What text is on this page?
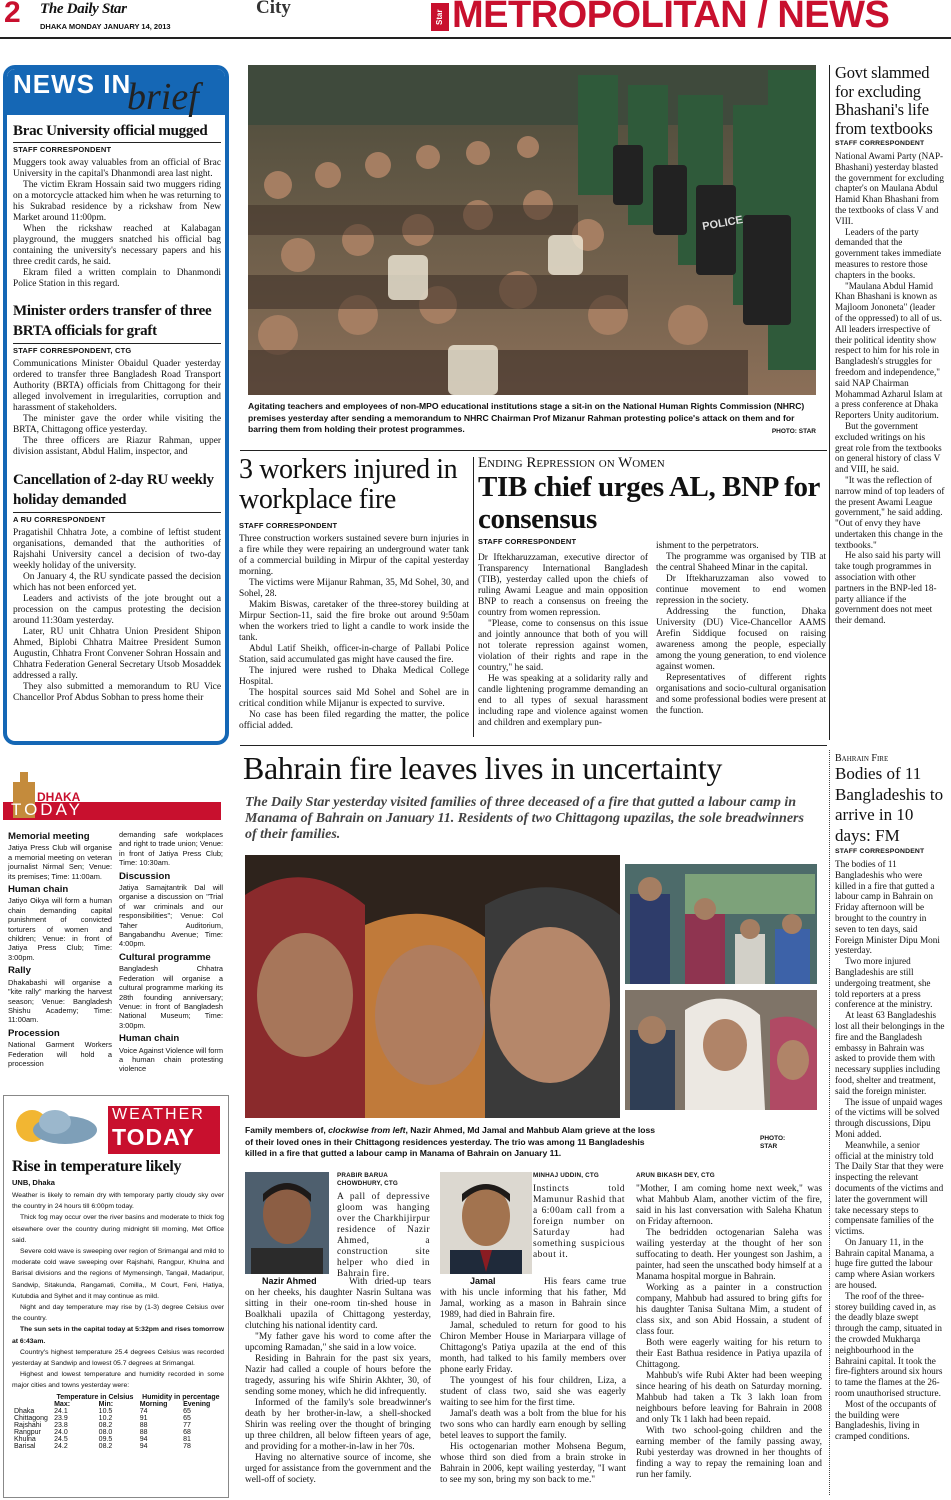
2 The Daily Star
DHAKA MONDAY JANUARY 14, 2013
City	Star METROPOLITAN / NEWS
NEWS IN
brief
Brac University official mugged
STAFF CORRESPONDENT

Muggers took away valuables from an official of Brac University in the capital's Dhanmondi area last night.

The victim Ekram Hossain said two muggers riding on a motorcycle attacked him when he was returning to his Sukrabad residence by a rickshaw from New Market around 11:00pm.

When the rickshaw reached at Kalabagan playground, the muggers snatched his official bag containing the university's necessary papers and his three credit cards, he said.

Ekram filed a written complain to Dhanmondi Police Station in this regard.

Minister orders transfer of three BRTA officials for graft
STAFF CORRESPONDENT, CTG

Communications Minister Obaidul Quader yesterday ordered to transfer three Bangladesh Road Transport Authority (BRTA) officials from Chittagong for their alleged involvement in irregularities, corruption and harassment of stakeholders.

The minister gave the order while visiting the BRTA, Chittagong office yesterday.

The three officers are Riazur Rahman, upper division assistant, Abdul Halim, inspector, and

Cancellation of 2-day RU weekly holiday demanded
A RU CORRESPONDENT

Pragatishil Chhatra Jote, a combine of leftist student organisations, demanded that the authorities of Rajshahi University cancel a decision of two-day weekly holiday of the university.

On January 4, the RU syndicate passed the decision which has not been enforced yet.

Leaders and activists of the jote brought out a procession on the campus protesting the decision around 11:30am yesterday.

Later, RU unit Chhatra Union President Shipon Ahmed, Biplobi Chhatra Maitree President Sumon Augustin, Chhatra Front Convener Sohran Hossain and Chhatra Federation General Secretary Utsob Mosaddek addressed a rally.

They also submitted a memorandum to RU Vice Chancellor Prof Abdus Sobhan to press home their

POLICE
Agitating teachers and employees of non-MPO educational institutions stage a sit-in on the National Human Rights Commission (NHRC) premises yesterday after sending a memorandum to NHRC Chairman Prof Mizanur Rahman protesting police's attack on them and for barring them from holding their protest programmes.	PHOTO: STAR
3 workers injured in workplace fire
STAFF CORRESPONDENT

Three construction workers sustained severe burn injuries in a fire while they were repairing an underground water tank of a commercial building in Mirpur of the capital yesterday morning.

The victims were Mijanur Rahman, 35, Md Sohel, 30, and Sohel, 28.

Makim Biswas, caretaker of the three-storey building at Mirpur Section-11, said the fire broke out around 9:50am when the workers tried to light a candle to work inside the tank.

Abdul Latif Sheikh, officer-in-charge of Pallabi Police Station, said accumulated gas might have caused the fire.

The injured were rushed to Dhaka Medical College Hospital.

The hospital sources said Md Sohel and Sohel are in critical condition while Mijanur is expected to survive.

No case has been filed regarding the matter, the police official added.

Ending Repression on Women
TIB chief urges AL, BNP for consensus
STAFF CORRESPONDENT

Dr Iftekharuzzaman, executive director of Transparency International Bangladesh (TIB), yesterday called upon the chiefs of ruling Awami League and main opposition BNP to reach a consensus on freeing the country from women repression.

"Please, come to consensus on this issue and jointly announce that both of you will not tolerate repression against women, violation of their rights and rape in the country," he said.

He was speaking at a solidarity rally and candle lightening programme demanding an end to all types of sexual harassment including rape and violence against women and children and exemplary pun-

ishment to the perpetrators.

The programme was organised by TIB at the central Shaheed Minar in the capital.

Dr Iftekharuzzaman also vowed to continue movement to end women repression in the society.

Addressing the function, Dhaka University (DU) Vice-Chancellor AAMS Arefin Siddique focused on raising awareness among the people, especially among the young generation, to end violence against women.

Representatives of different rights organisations and socio-cultural organisation and some professional bodies were present at the function.

Govt slammed for excluding Bhashani's life from textbooks
STAFF CORRESPONDENT

National Awami Party (NAP-Bhashani) yesterday blasted the government for excluding chapter's on Maulana Abdul Hamid Khan Bhashani from the textbooks of class V and VIII.

Leaders of the party demanded that the government takes immediate measures to restore those chapters in the books.

"Maulana Abdul Hamid Khan Bhashani is known as Majloom Jononeta" (leader of the oppressed) to all of us. All leaders irrespective of their political identity show respect to him for his role in Bangladesh's struggles for freedom and independence," said NAP Chairman Mohammad Azharul Islam at a press conference at Dhaka Reporters Unity auditorium.

But the government excluded writings on his great role from the textbooks on general history of class V and VIII, he said.

"It was the reflection of narrow mind of top leaders of the present Awami League government," he said adding. "Out of envy they have undertaken this change in the textbooks."

He also said his party will take tough programmes in association with other partners in the BNP-led 18-party alliance if the government does not meet their demand.

DHAKA
TODAY
Memorial meeting

Jatiya Press Club will organise a memorial meeting on veteran journalist Nirmal Sen; Venue: its premises; Time: 11:00am.

Human chain

Jatiyo Oikya will form a human chain demanding capital punishment of convicted torturers of women and children; Venue: in front of Jatiya Press Club; Time: 3:00pm.

Rally

Dhakabashi will organise a "kite rally" marking the harvest season; Venue: Bangladesh Shishu Academy; Time: 11:00am.

Procession

National Garment Workers Federation will hold a procession

demanding safe workplaces and right to trade union; Venue: in front of Jatiya Press Club; Time: 10:30am.

Discussion

Jatiya Samajtantrik Dal will organise a discussion on "Trial of war criminals and our responsibilities"; Venue: Col Taher Auditorium, Bangabandhu Avenue; Time: 4:00pm.

Cultural programme

Bangladesh Chhatra Federation will organise a cultural programme marking its 28th founding anniversary; Venue: in front of Bangladesh National Museum; Time: 3:00pm.

Human chain

Voice Against Violence will form a human chain protesting violence

WEATHER
TODAY
Rise in temperature likely
UNB, Dhaka

Weather is likely to remain dry with temporary partly cloudy sky over the country in 24 hours till 6:00pm today.

Thick fog may occur over the river basins and moderate to thick fog elsewhere over the country during midnight till morning, Met Office said.

Severe cold wave is sweeping over region of Srimangal and mild to moderate cold wave sweeping over Rajshahi, Rangpur, Khulna and Barisal divisions and the regions of Mymensingh, Tangail, Madaripur, Sandwip, Sitakunda, Rangamati, Comilla,, M Court, Feni, Hatiya, Kutubdia and Sylhet and it may continue as mild.

Night and day temperature may rise by (1-3) degree Celsius over the country.

The sun sets in the capital today at 5:32pm and rises tomorrow at 6:43am.

Country's highest temperature 25.4 degrees Celsius was recorded yesterday at Sandwip and lowest 05.7 degrees at Srimangal.

Highest and lowest temperature and humidity recorded in some major cities and towns yesterday were:

	Temperature in Celsius		Humidity in percentage	
	Max:	Min:	Morning	Evening
Dhaka	24.1	10.5	74	65
Chittagong	23.9	10.2	91	65
Rajshahi	23.8	08.2	88	77
Rangpur	24.0	08.0	88	68
Khulna	24.5	09.5	94	81
Barisal	24.2	08.2	94	78
Bahrain fire leaves lives in uncertainty
The Daily Star yesterday visited families of three deceased of a fire that gutted a labour camp in Manama of Bahrain on January 11. Residents of two Chittagong upazilas, the sole breadwinners of their families.
Family members of, clockwise from left, Nazir Ahmed, Md Jamal and Mahbub Alam grieve at the loss of their loved ones in their Chittagong residences yesterday. The trio was among 11 Bangladeshis killed in a fire that gutted a labour camp in Manama of Bahrain on January 11.
PHOTO: STAR
Nazir Ahmed	Jamal
PRABIR BARUA CHOWDHURY, CTG
A pall of depressive gloom was hanging over the Charkhijirpur residence of Nazir Ahmed, a construction site helper who died in Bahrain fire.

With dried-up tears on her cheeks, his daughter Nasrin Sultana was sitting in their one-room tin-shed house in Boalkhali upazila of Chittagong yesterday, clutching his national identity card.

"My father gave his word to come after the upcoming Ramadan," she said in a low voice.

Residing in Bahrain for the past six years, Nazir had called a couple of hours before the tragedy, assuring his wife Shirin Akhter, 30, of sending some money, which he did infrequently.

Informed of the family's sole breadwinner's death by her brother-in-law, a shell-shocked Shirin was reeling over the thought of bringing up three children, all below fifteen years of age, and providing for a mother-in-law in her 70s.

Having no alternative source of income, she urged for assistance from the government and the well-off of society.

MINHAJ UDDIN, CTG
Instincts told Mamunur Rashid that a 6:00am call from a foreign number on Saturday had something suspicious about it.

His fears came true with his uncle informing that his father, Md Jamal, working as a mason in Bahrain since 1989, had died in Bahrain fire.

Jamal, scheduled to return for good to his Chiron Member House in Mariarpara village of Chittagong's Patiya upazila at the end of this month, had talked to his family members over phone early Friday.

The youngest of his four children, Liza, a student of class two, said she was eagerly waiting to see him for the first time.

Jamal's death was a bolt from the blue for his two sons who can hardly earn enough by selling betel leaves to support the family.

His octogenarian mother Mohsena Begum, whose third son died from a brain stroke in Bahrain in 2006, kept wailing yesterday, "I want to see my son, bring my son back to me."

ARUN BIKASH DEY, CTG

"Mother, I am coming home next week," was what Mahbub Alam, another victim of the fire, said in his last conversation with Saleha Khatun on Friday afternoon.

The bedridden octogenarian Saleha was wailing yesterday at the thought of her son suffocating to death. Her youngest son Jashim, a painter, had seen the unscathed body himself at a Manama hospital morgue in Bahrain.

Working as a painter in a construction company, Mahbub had assured to bring gifts for his daughter Tanisa Sultana Mim, a student of class six, and son Abid Hossain, a student of class four.

Both were eagerly waiting for his return to their East Bathua residence in Patiya upazila of Chittagong.

Mahbub's wife Rubi Akter had been weeping since hearing of his death on Saturday morning. Mahbub had taken a Tk 3 lakh loan from neighbours before leaving for Bahrain in 2008 and only Tk 1 lakh had been repaid.

With two school-going children and the earning member of the family passing away, Rubi yesterday was drowned in her thoughts of finding a way to repay the remaining loan and run her family.

Bahrain Fire
Bodies of 11 Bangladeshis to arrive in 10 days: FM
STAFF CORRESPONDENT

The bodies of 11 Bangladeshis who were killed in a fire that gutted a labour camp in Bahrain on Friday afternoon will be brought to the country in seven to ten days, said Foreign Minister Dipu Moni yesterday.

Two more injured Bangladeshis are still undergoing treatment, she told reporters at a press conference at the ministry.

At least 63 Bangladeshis lost all their belongings in the fire and the Bangladesh embassy in Bahrain was asked to provide them with necessary supplies including food, shelter and treatment, said the foreign minister.

The issue of unpaid wages of the victims will be solved through discussions, Dipu Moni added.

Meanwhile, a senior official at the ministry told The Daily Star that they were inspecting the relevant documents of the victims and later the government will take necessary steps to compensate families of the victims.

On January 11, in the Bahrain capital Manama, a huge fire gutted the labour camp where Asian workers are housed.

The roof of the three-storey building caved in, as the deadly blaze swept through the camp, situated in the crowded Mukharqa neighbourhood in the Bahraini capital. It took the fire-fighters around six hours to tame the flames at the 26-room unauthorised structure.

Most of the occupants of the building were Bangladeshis, living in cramped conditions.
